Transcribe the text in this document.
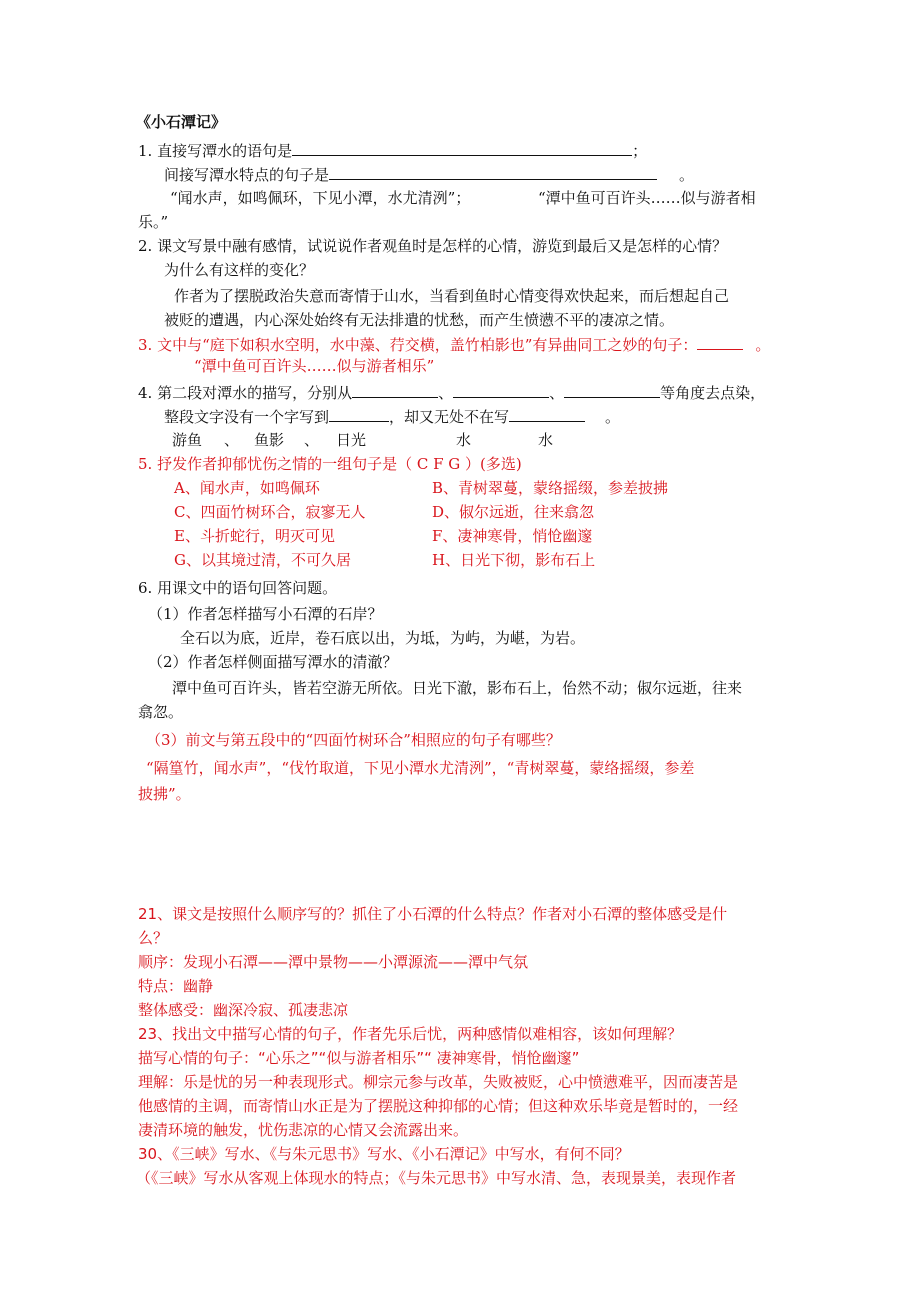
《小石潭记》
1. 直接写潭水的语句是	；
间接写潭水特点的句子是	。
“闻水声，如鸣佩环，下见小潭，水尤清洌”；	“潭中鱼可百许头……似与游者相
乐。”
2. 课文写景中融有感情，试说说作者观鱼时是怎样的心情，游览到最后又是怎样的心情？
为什么有这样的变化？
作者为了摆脱政治失意而寄情于山水，当看到鱼时心情变得欢快起来，而后想起自己
被贬的遭遇，内心深处始终有无法排遣的忧愁，而产生愤懑不平的凄凉之情。
3. 文中与“庭下如积水空明，水中藻、荇交横，盖竹柏影也”有异曲同工之妙的句子：	。
“潭中鱼可百许头……似与游者相乐”
4. 第二段对潭水的描写，分别从	、	、	等角度去点染，
整段文字没有一个字写到	，却又无处不在写	。
游鱼 、 鱼影 、 日光	水	水
5. 抒发作者抑郁忧伤之情的一组句子是（ C F G ）(多选)
A、闻水声，如鸣佩环	B、青树翠蔓，蒙络摇缀，参差披拂
C、四面竹树环合，寂寥无人	D、俶尔远逝，往来翕忽
E、斗折蛇行，明灭可见	F、凄神寒骨，悄怆幽邃
G、以其境过清，不可久居	H、日光下彻，影布石上
6. 用课文中的语句回答问题。
（1）作者怎样描写小石潭的石岸？
全石以为底，近岸，卷石底以出，为坻，为屿，为嵁，为岩。
（2）作者怎样侧面描写潭水的清澈？
潭中鱼可百许头，皆若空游无所依。日光下澈，影布石上，佁然不动；俶尔远逝，往来
翕忽。
（3）前文与第五段中的“四面竹树环合”相照应的句子有哪些？
“隔篁竹，闻水声”，“伐竹取道，下见小潭水尤清洌”，“青树翠蔓，蒙络摇缀，参差
披拂”。
21、课文是按照什么顺序写的？抓住了小石潭的什么特点？作者对小石潭的整体感受是什
么？
顺序：发现小石潭——潭中景物——小潭源流——潭中气氛
特点：幽静
整体感受：幽深冷寂、孤凄悲凉
23、找出文中描写心情的句子，作者先乐后忧，两种感情似难相容，该如何理解？
描写心情的句子：“心乐之”“似与游者相乐”“ 凄神寒骨，悄怆幽邃”
理解：乐是忧的另一种表现形式。柳宗元参与改革，失败被贬，心中愤懑难平，因而凄苦是
他感情的主调，而寄情山水正是为了摆脱这种抑郁的心情；但这种欢乐毕竟是暂时的，一经
凄清环境的触发，忧伤悲凉的心情又会流露出来。
30、《三峡》写水、《与朱元思书》写水、《小石潭记》中写水，有何不同？
（《三峡》写水从客观上体现水的特点；《与朱元思书》中写水清、急，表现景美，表现作者
